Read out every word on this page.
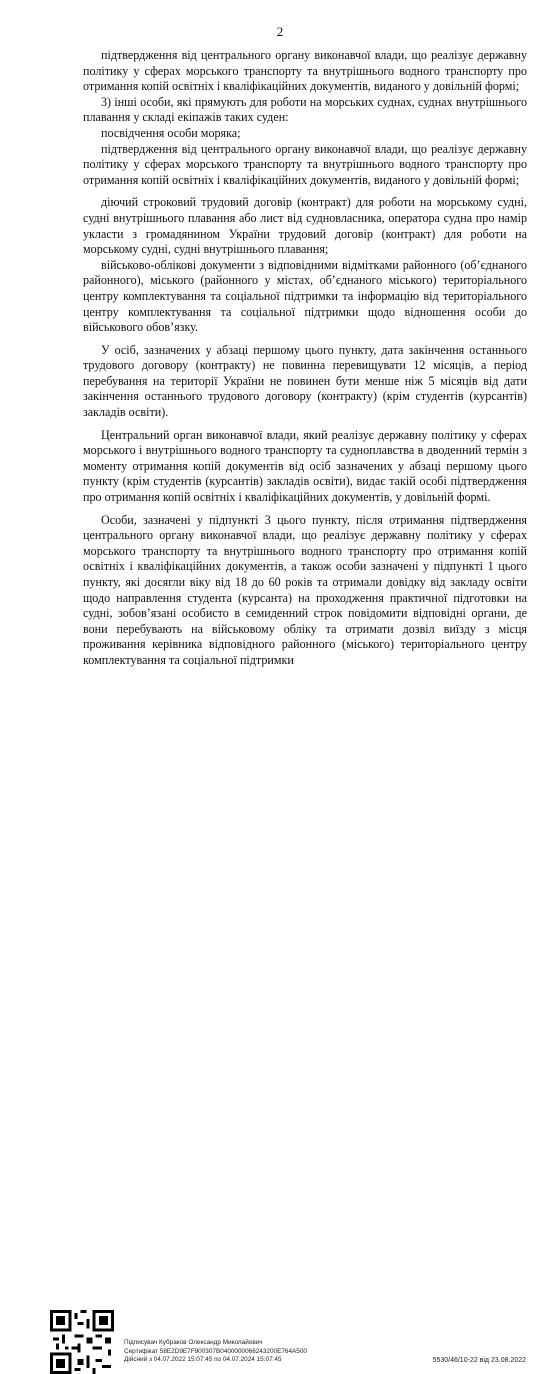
2

підтвердження від центрального органу виконавчої влади, що реалізує державну політику у сферах морського транспорту та внутрішнього водного транспорту про отримання копій освітніх і кваліфікаційних документів, виданого у довільній формі;

3) інші особи, які прямують для роботи на морських суднах, суднах внутрішнього плавання у складі екіпажів таких суден:

посвідчення особи моряка;

підтвердження від центрального органу виконавчої влади, що реалізує державну політику у сферах морського транспорту та внутрішнього водного транспорту про отримання копій освітніх і кваліфікаційних документів, виданого у довільній формі;

діючий строковий трудовий договір (контракт) для роботи на морському судні, судні внутрішнього плавання або лист від судновласника, оператора судна про намір укласти з громадянином України трудовий договір (контракт) для роботи на морському судні, судні внутрішнього плавання;

військово-облікові документи з відповідними відмітками районного (об’єднаного районного), міського (районного у містах, об’єднаного міського) територіального центру комплектування та соціальної підтримки та інформацію від територіального центру комплектування та соціальної підтримки щодо відношення особи до військового обов’язку.

У осіб, зазначених у абзаці першому цього пункту, дата закінчення останнього трудового договору (контракту) не повинна перевищувати 12 місяців, а період перебування на території України не повинен бути менше ніж 5 місяців від дати закінчення останнього трудового договору (контракту) (крім студентів (курсантів) закладів освіти).

Центральний орган виконавчої влади, який реалізує державну політику у сферах морського і внутрішнього водного транспорту та судноплавства в дводенний термін з моменту отримання копій документів від осіб зазначених у абзаці першому цього пункту (крім студентів (курсантів) закладів освіти), видає такій особі підтвердження про отримання копій освітніх і кваліфікаційних документів, у довільній формі.

Особи, зазначені у підпункті 3 цього пункту, після отримання підтвердження центрального органу виконавчої влади, що реалізує державну політику у сферах морського транспорту та внутрішнього водного транспорту про отримання копій освітніх і кваліфікаційних документів, а також особи зазначені у підпункті 1 цього пункту, які досягли віку від 18 до 60 років та отримали довідку від закладу освіти щодо направлення студента (курсанта) на проходження практичної підготовки на судні, зобов’язані особисто в семиденний строк повідомити відповідні органи, де вони перебувають на військовому обліку та отримати дозвіл виїзду з місця проживання керівника відповідного районного (міського) територіального центру комплектування та соціальної підтримки

Підписувач Кубраков Олександр Миколайович
Сертифікат 58E2D9E7F900307B0400000066243200E764A500
Дійсний з 04.07.2022 15:07:45 по 04.07.2024 15:07:45	5530/46/10-22 від 23.08.2022
